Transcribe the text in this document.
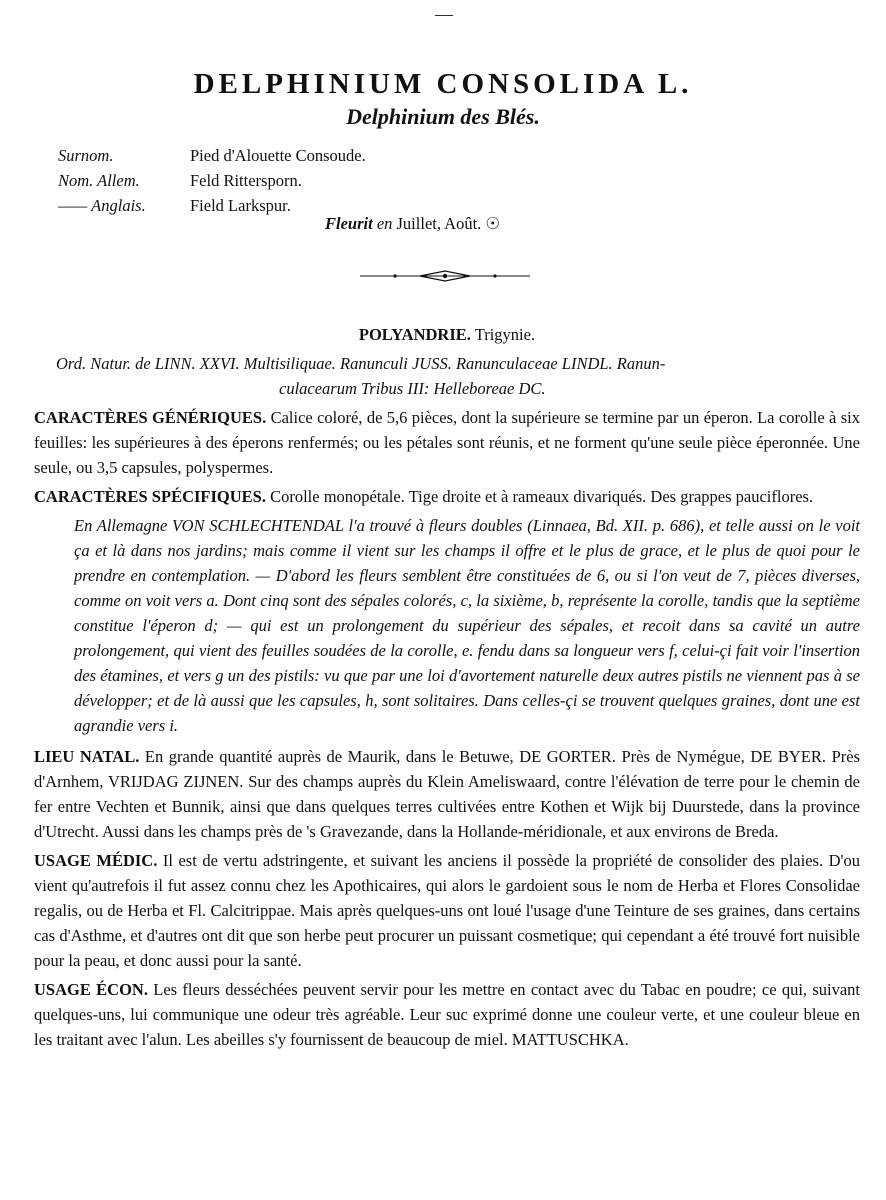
—
DELPHINIUM CONSOLIDA L.
Delphinium des Blés.
Surnom.	Pied d'Alouette Consoude.
Nom. Allem.	Feld Rittersporn.
—— Anglais.	Field Larkspur.
Fleurit en Juillet, Août. ☉

POLYANDRIE. Trigynie.

Ord. Natur. de LINN. XXVI. Multisiliquae. Ranunculi JUSS. Ranunculaceae LINDL. Ranun-

culacearum Tribus III: Helleboreae DC.

CARACTÈRES GÉNÉRIQUES. Calice coloré, de 5,6 pièces, dont la supérieure se termine par un éperon. La corolle à six feuilles: les supérieures à des éperons renfermés; ou les pétales sont réunis, et ne forment qu'une seule pièce éperonnée. Une seule, ou 3,5 capsules, polyspermes.

CARACTÈRES SPÉCIFIQUES. Corolle monopétale. Tige droite et à rameaux divariqués. Des grappes pauciflores.

En Allemagne VON SCHLECHTENDAL l'a trouvé à fleurs doubles (Linnaea, Bd. XII. p. 686), et telle aussi on le voit ça et là dans nos jardins; mais comme il vient sur les champs il offre et le plus de grace, et le plus de quoi pour le prendre en contemplation. — D'abord les fleurs semblent être constituées de 6, ou si l'on veut de 7, pièces diverses, comme on voit vers a. Dont cinq sont des sépales colorés, c, la sixième, b, représente la corolle, tandis que la septième constitue l'éperon d; — qui est un prolongement du supérieur des sépales, et recoit dans sa cavité un autre prolongement, qui vient des feuilles soudées de la corolle, e. fendu dans sa longueur vers f, celui-çi fait voir l'insertion des étamines, et vers g un des pistils: vu que par une loi d'avortement naturelle deux autres pistils ne viennent pas à se développer; et de là aussi que les capsules, h, sont solitaires. Dans celles-çi se trouvent quelques graines, dont une est agrandie vers i.

LIEU NATAL. En grande quantité auprès de Maurik, dans le Betuwe, DE GORTER. Près de Nymégue, DE BYER. Près d'Arnhem, VRIJDAG ZIJNEN. Sur des champs auprès du Klein Ameliswaard, contre l'élévation de terre pour le chemin de fer entre Vechten et Bunnik, ainsi que dans quelques terres cultivées entre Kothen et Wijk bij Duurstede, dans la province d'Utrecht. Aussi dans les champs près de 's Gravezande, dans la Hollande-méridionale, et aux environs de Breda.

USAGE MÉDIC. Il est de vertu adstringente, et suivant les anciens il possède la propriété de consolider des plaies. D'ou vient qu'autrefois il fut assez connu chez les Apothicaires, qui alors le gardoient sous le nom de Herba et Flores Consolidae regalis, ou de Herba et Fl. Calcitrippae. Mais après quelques-uns ont loué l'usage d'une Teinture de ses graines, dans certains cas d'Asthme, et d'autres ont dit que son herbe peut procurer un puissant cosmetique; qui cependant a été trouvé fort nuisible pour la peau, et donc aussi pour la santé.

USAGE ÉCON. Les fleurs desséchées peuvent servir pour les mettre en contact avec du Tabac en poudre; ce qui, suivant quelques-uns, lui communique une odeur très agréable. Leur suc exprimé donne une couleur verte, et une couleur bleue en les traitant avec l'alun. Les abeilles s'y fournissent de beaucoup de miel. MATTUSCHKA.
